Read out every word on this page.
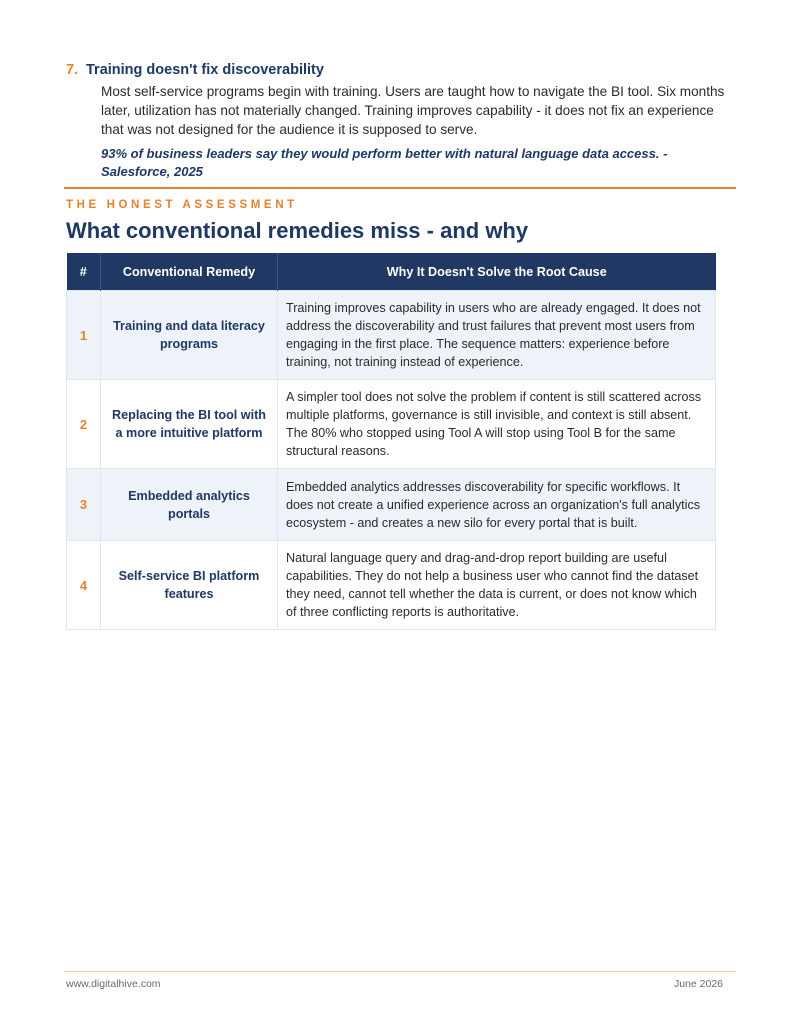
7. Training doesn't fix discoverability
Most self-service programs begin with training. Users are taught how to navigate the BI tool. Six months later, utilization has not materially changed. Training improves capability - it does not fix an experience that was not designed for the audience it is supposed to serve.
93% of business leaders say they would perform better with natural language data access. - Salesforce, 2025
THE HONEST ASSESSMENT
What conventional remedies miss - and why
#	Conventional Remedy	Why It Doesn't Solve the Root Cause
1	Training and data literacy programs	Training improves capability in users who are already engaged. It does not address the discoverability and trust failures that prevent most users from engaging in the first place. The sequence matters: experience before training, not training instead of experience.
2	Replacing the BI tool with a more intuitive platform	A simpler tool does not solve the problem if content is still scattered across multiple platforms, governance is still invisible, and context is still absent. The 80% who stopped using Tool A will stop using Tool B for the same structural reasons.
3	Embedded analytics portals	Embedded analytics addresses discoverability for specific workflows. It does not create a unified experience across an organization's full analytics ecosystem - and creates a new silo for every portal that is built.
4	Self-service BI platform features	Natural language query and drag-and-drop report building are useful capabilities. They do not help a business user who cannot find the dataset they need, cannot tell whether the data is current, or does not know which of three conflicting reports is authoritative.
www.digitalhive.com	June 2026
